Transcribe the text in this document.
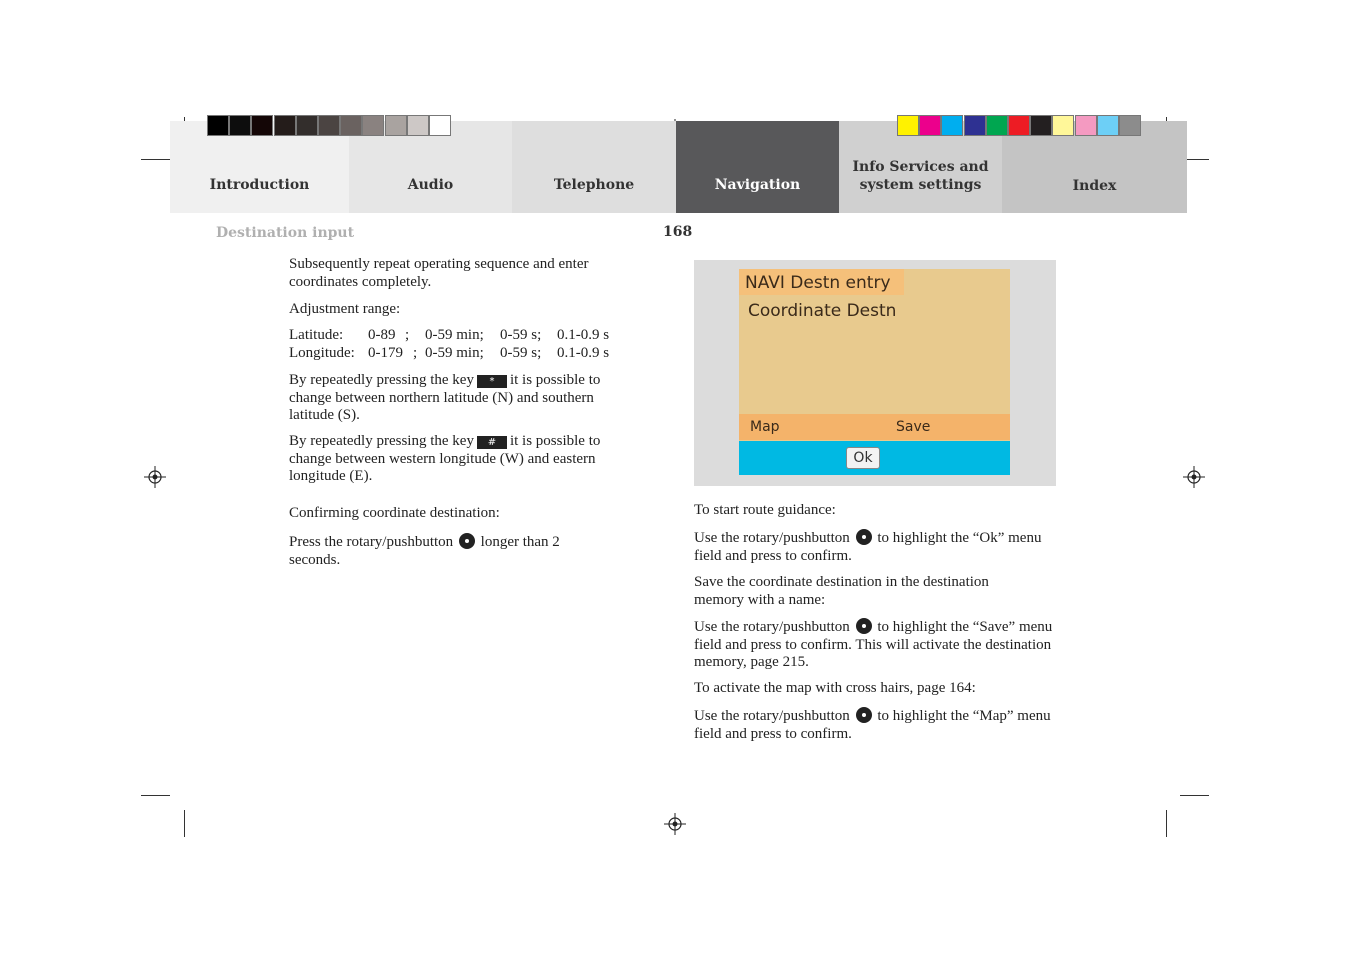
Introduction	Audio	Telephone	Navigation
Info Services and
system settings	Index
Destination input	168
Subsequently repeat operating sequence and enter coordinates completely.
Adjustment range:
Latitude: 0-89 ; 0-59 min; 0-59 s; 0.1-0.9 s
Longitude: 0-179 ; 0-59 min; 0-59 s; 0.1-0.9 s
By repeatedly pressing the key * it is possible to change between northern latitude (N) and southern latitude (S).
By repeatedly pressing the key # it is possible to change between western longitude (W) and eastern longitude (E).
Confirming coordinate destination:
Press the rotary/pushbutton longer than 2 seconds.
NAVI Destn entry
Coordinate Destn
Map	Save
Ok
To start route guidance:
Use the rotary/pushbutton to highlight the “Ok” menu field and press to confirm.
Save the coordinate destination in the destination memory with a name:
Use the rotary/pushbutton to highlight the “Save” menu field and press to confirm. This will activate the destination memory, page 215.
To activate the map with cross hairs, page 164:
Use the rotary/pushbutton to highlight the “Map” menu field and press to confirm.
